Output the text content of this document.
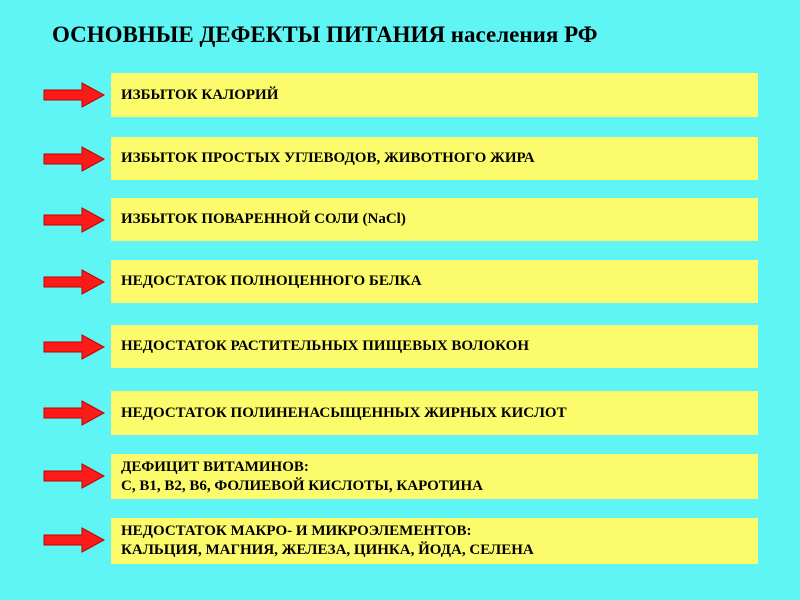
ОСНОВНЫЕ ДЕФЕКТЫ ПИТАНИЯ населения РФ
ИЗБЫТОК КАЛОРИЙ
ИЗБЫТОК ПРОСТЫХ УГЛЕВОДОВ, ЖИВОТНОГО ЖИРА
ИЗБЫТОК ПОВАРЕННОЙ СОЛИ (NaCl)
НЕДОСТАТОК ПОЛНОЦЕННОГО БЕЛКА
НЕДОСТАТОК РАСТИТЕЛЬНЫХ ПИЩЕВЫХ ВОЛОКОН
НЕДОСТАТОК ПОЛИНЕНАСЫЩЕННЫХ ЖИРНЫХ КИСЛОТ
ДЕФИЦИТ ВИТАМИНОВ:
С, В1, В2, В6, ФОЛИЕВОЙ КИСЛОТЫ, КАРОТИНА
НЕДОСТАТОК МАКРО- И МИКРОЭЛЕМЕНТОВ:
КАЛЬЦИЯ, МАГНИЯ, ЖЕЛЕЗА, ЦИНКА, ЙОДА, СЕЛЕНА
